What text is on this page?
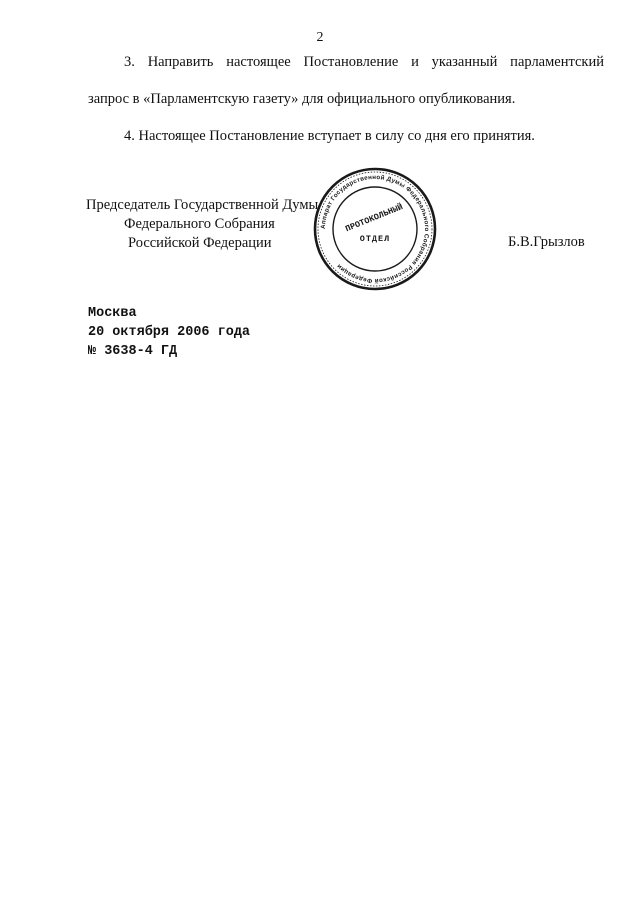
2
3. Направить настоящее Постановление и указанный парламентский
запрос в «Парламентскую газету» для официального опубликования.
4. Настоящее Постановление вступает в силу со дня его принятия.
Председатель Государственной Думы
Федерального Собрания
Российской Федерации
Аппарат Государственной Думы Федерального Собрания Российской Федерации
ПРОТОКОЛЬНЫЙ
ОТДЕЛ	Б.В.Грызлов
Москва
20 октября 2006 года
№ 3638-4 ГД
